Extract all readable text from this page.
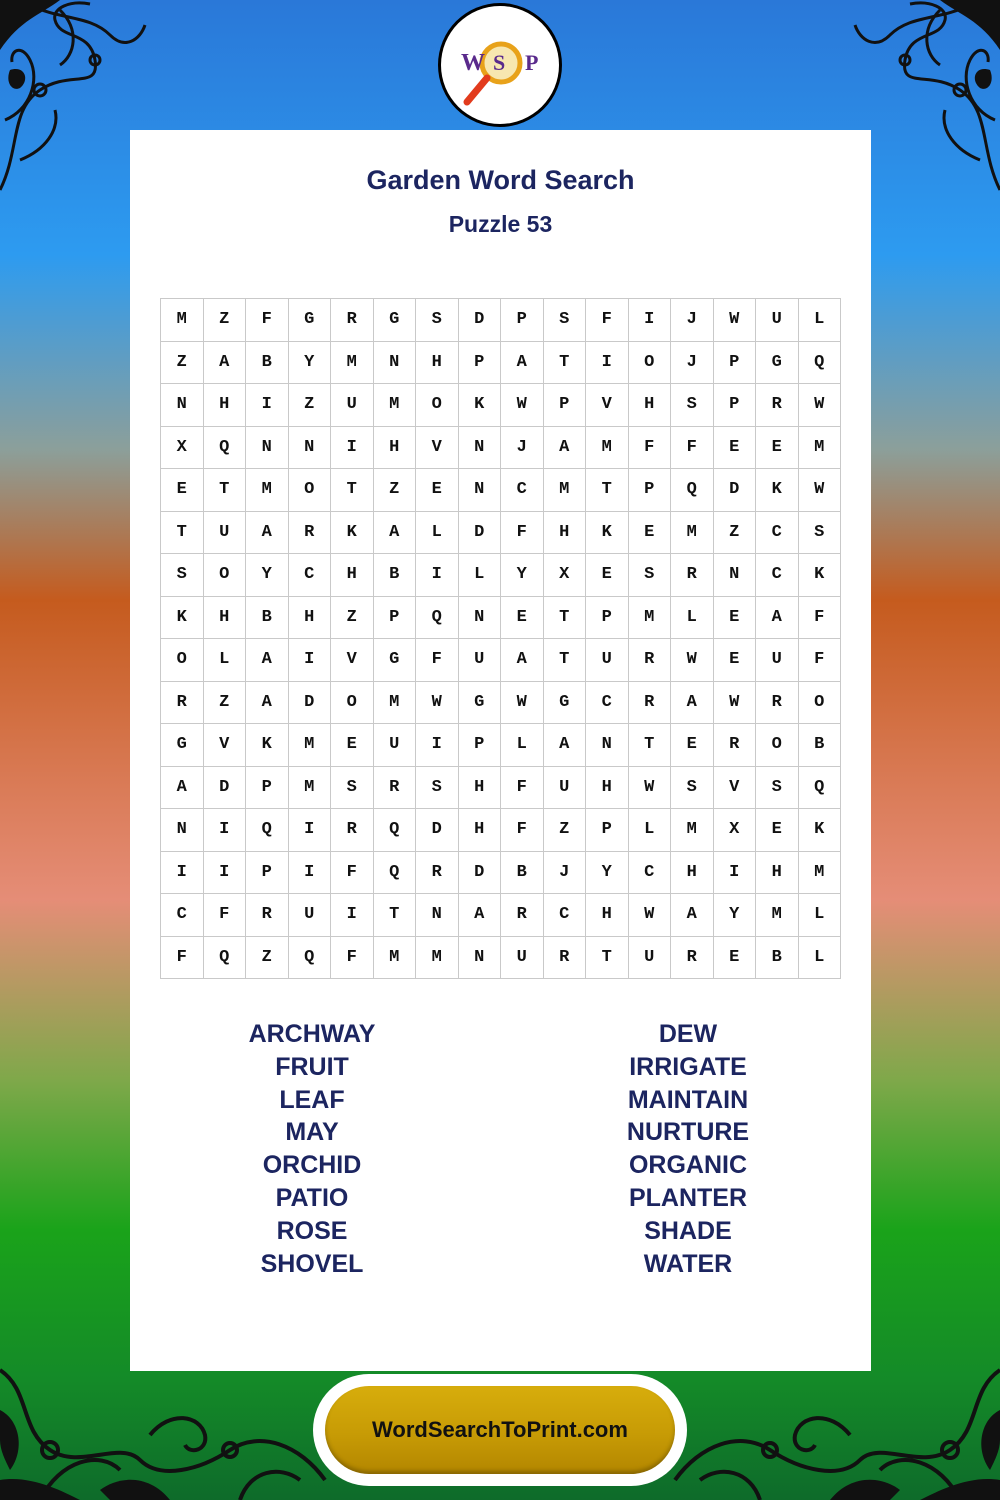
W S P
Garden Word Search
Puzzle 53
M	Z	F	G	R	G	S	D	P	S	F	I	J	W	U	L
Z	A	B	Y	M	N	H	P	A	T	I	O	J	P	G	Q
N	H	I	Z	U	M	O	K	W	P	V	H	S	P	R	W
X	Q	N	N	I	H	V	N	J	A	M	F	F	E	E	M
E	T	M	O	T	Z	E	N	C	M	T	P	Q	D	K	W
T	U	A	R	K	A	L	D	F	H	K	E	M	Z	C	S
S	O	Y	C	H	B	I	L	Y	X	E	S	R	N	C	K
K	H	B	H	Z	P	Q	N	E	T	P	M	L	E	A	F
O	L	A	I	V	G	F	U	A	T	U	R	W	E	U	F
R	Z	A	D	O	M	W	G	W	G	C	R	A	W	R	O
G	V	K	M	E	U	I	P	L	A	N	T	E	R	O	B
A	D	P	M	S	R	S	H	F	U	H	W	S	V	S	Q
N	I	Q	I	R	Q	D	H	F	Z	P	L	M	X	E	K
I	I	P	I	F	Q	R	D	B	J	Y	C	H	I	H	M
C	F	R	U	I	T	N	A	R	C	H	W	A	Y	M	L
F	Q	Z	Q	F	M	M	N	U	R	T	U	R	E	B	L
ARCHWAY
FRUIT
LEAF
MAY
ORCHID
PATIO
ROSE
SHOVEL
DEW
IRRIGATE
MAINTAIN
NURTURE
ORGANIC
PLANTER
SHADE
WATER
WordSearchToPrint.com
